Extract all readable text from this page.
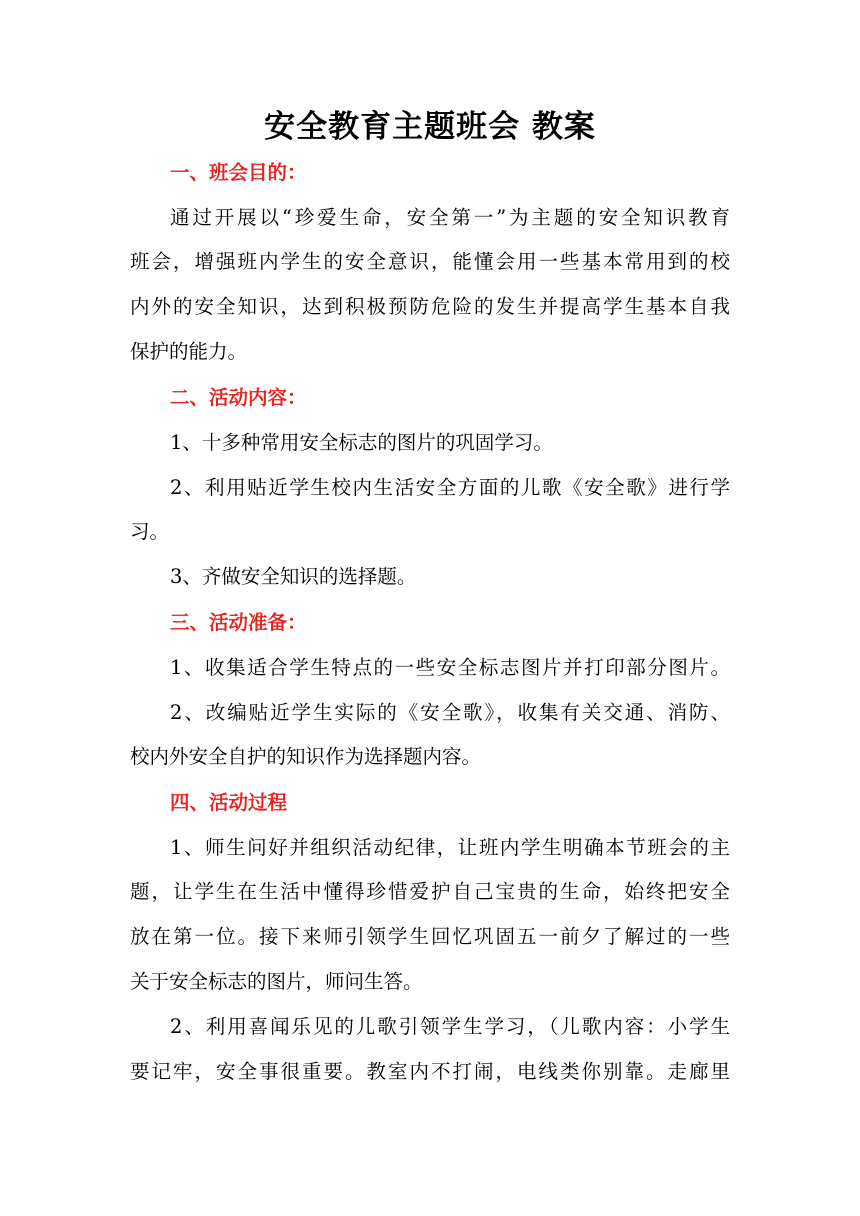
安全教育主题班会 教案

一、班会目的：

通过开展以“珍爱生命，安全第一”为主题的安全知识教育

班会，增强班内学生的安全意识，能懂会用一些基本常用到的校

内外的安全知识，达到积极预防危险的发生并提高学生基本自我

保护的能力。

二、活动内容：

1、十多种常用安全标志的图片的巩固学习。

2、利用贴近学生校内生活安全方面的儿歌《安全歌》进行学

习。

3、齐做安全知识的选择题。

三、活动准备：

1、收集适合学生特点的一些安全标志图片并打印部分图片。

2、改编贴近学生实际的《安全歌》，收集有关交通、消防、

校内外安全自护的知识作为选择题内容。

四、活动过程

1、师生问好并组织活动纪律，让班内学生明确本节班会的主

题，让学生在生活中懂得珍惜爱护自己宝贵的生命，始终把安全

放在第一位。接下来师引领学生回忆巩固五一前夕了解过的一些

关于安全标志的图片，师问生答。

2、利用喜闻乐见的儿歌引领学生学习，（儿歌内容：小学生

要记牢，安全事很重要。教室内不打闹，电线类你别靠。走廊里
